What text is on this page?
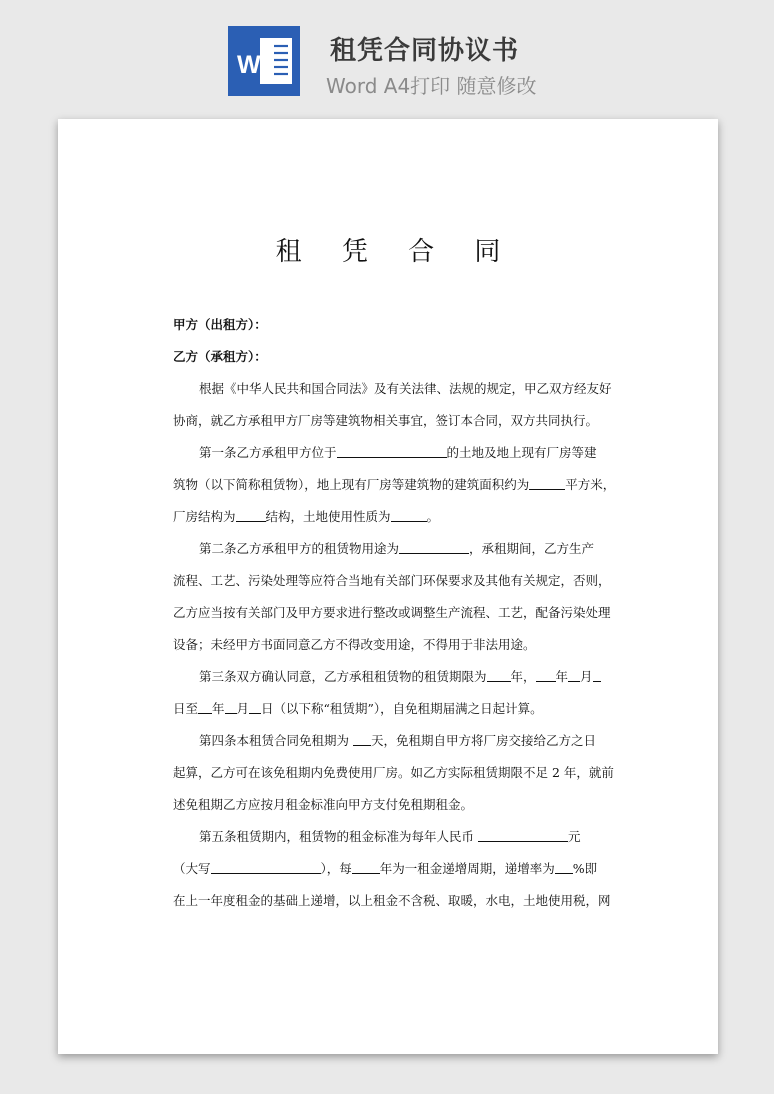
W	租凭合同协议书
Word A4打印 随意修改
租 凭 合 同
甲方（出租方）：
乙方（承租方）：
根据《中华人民共和国合同法》及有关法律、法规的规定，甲乙双方经友好
协商，就乙方承租甲方厂房等建筑物相关事宜，签订本合同，双方共同执行。
第一条乙方承租甲方位于	的土地及地上现有厂房等建
筑物（以下简称租赁物），地上现有厂房等建筑物的建筑面积约为	平方米，
厂房结构为 结构，土地使用性质为	。
第二条乙方承租甲方的租赁物用途为	，承租期间，乙方生产
流程、工艺、污染处理等应符合当地有关部门环保要求及其他有关规定，否则，
乙方应当按有关部门及甲方要求进行整改或调整生产流程、工艺，配备污染处理
设备；未经甲方书面同意乙方不得改变用途，不得用于非法用途。
第三条双方确认同意，乙方承租租赁物的租赁期限为 年， 年 月
日至 年 月 日（以下称“租赁期”），自免租期届满之日起计算。
第四条本租赁合同免租期为 天，免租期自甲方将厂房交接给乙方之日
起算，乙方可在该免租期内免费使用厂房。如乙方实际租赁期限不足 2 年，就前
述免租期乙方应按月租金标准向甲方支付免租期租金。
第五条租赁期内，租赁物的租金标准为每年人民币	元
（大写	），每 年为一租金递增周期，递增率为 %即
在上一年度租金的基础上递增，以上租金不含税、取暖，水电，土地使用税，网
